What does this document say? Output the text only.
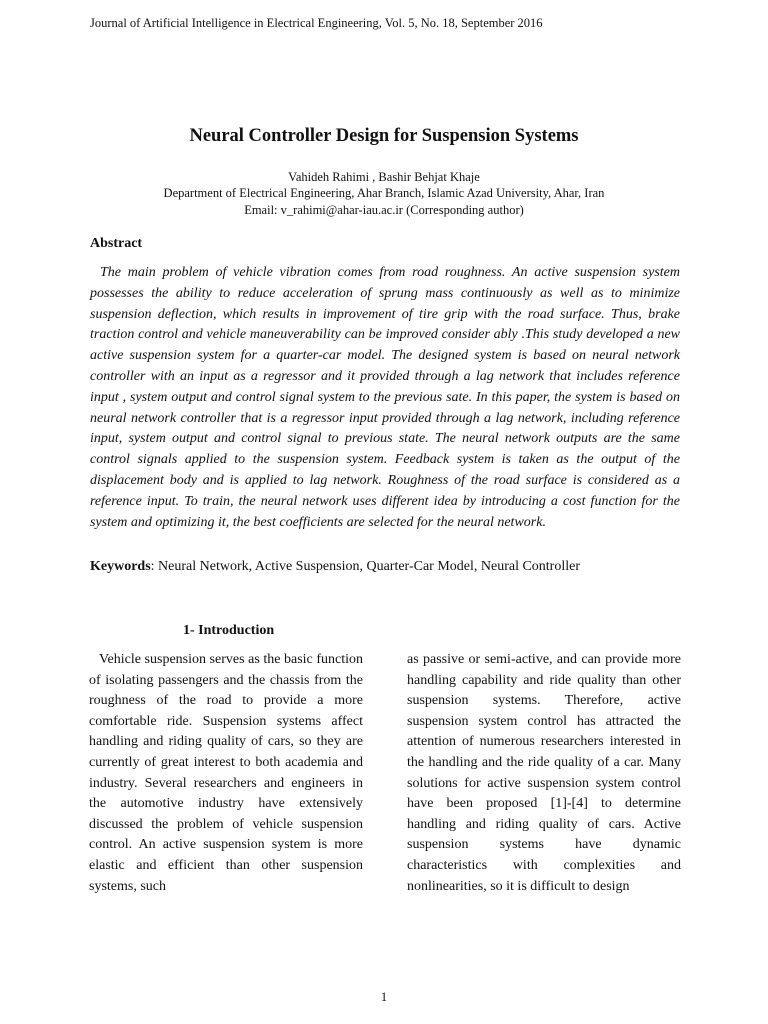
Journal of Artificial Intelligence in Electrical Engineering, Vol. 5, No. 18, September 2016
Neural Controller Design for Suspension Systems
Vahideh Rahimi , Bashir Behjat Khaje
Department of Electrical Engineering, Ahar Branch, Islamic Azad University, Ahar, Iran
Email: v_rahimi@ahar-iau.ac.ir (Corresponding author)
Abstract

The main problem of vehicle vibration comes from road roughness. An active suspension system possesses the ability to reduce acceleration of sprung mass continuously as well as to minimize suspension deflection, which results in improvement of tire grip with the road surface. Thus, brake traction control and vehicle maneuverability can be improved consider ably .This study developed a new active suspension system for a quarter-car model. The designed system is based on neural network controller with an input as a regressor and it provided through a lag network that includes reference input , system output and control signal system to the previous sate. In this paper, the system is based on neural network controller that is a regressor input provided through a lag network, including reference input, system output and control signal to previous state. The neural network outputs are the same control signals applied to the suspension system. Feedback system is taken as the output of the displacement body and is applied to lag network. Roughness of the road surface is considered as a reference input. To train, the neural network uses different idea by introducing a cost function for the system and optimizing it, the best coefficients are selected for the neural network.

Keywords: Neural Network, Active Suspension, Quarter-Car Model, Neural Controller
1- Introduction

Vehicle suspension serves as the basic function of isolating passengers and the chassis from the roughness of the road to provide a more comfortable ride. Suspension systems affect handling and riding quality of cars, so they are currently of great interest to both academia and industry. Several researchers and engineers in the automotive industry have extensively discussed the problem of vehicle suspension control. An active suspension system is more elastic and efficient than other suspension systems, such

as passive or semi-active, and can provide more handling capability and ride quality than other suspension systems. Therefore, active suspension system control has attracted the attention of numerous researchers interested in the handling and the ride quality of a car. Many solutions for active suspension system control have been proposed [1]-[4] to determine handling and riding quality of cars. Active suspension systems have dynamic characteristics with complexities and nonlinearities, so it is difficult to design

1
